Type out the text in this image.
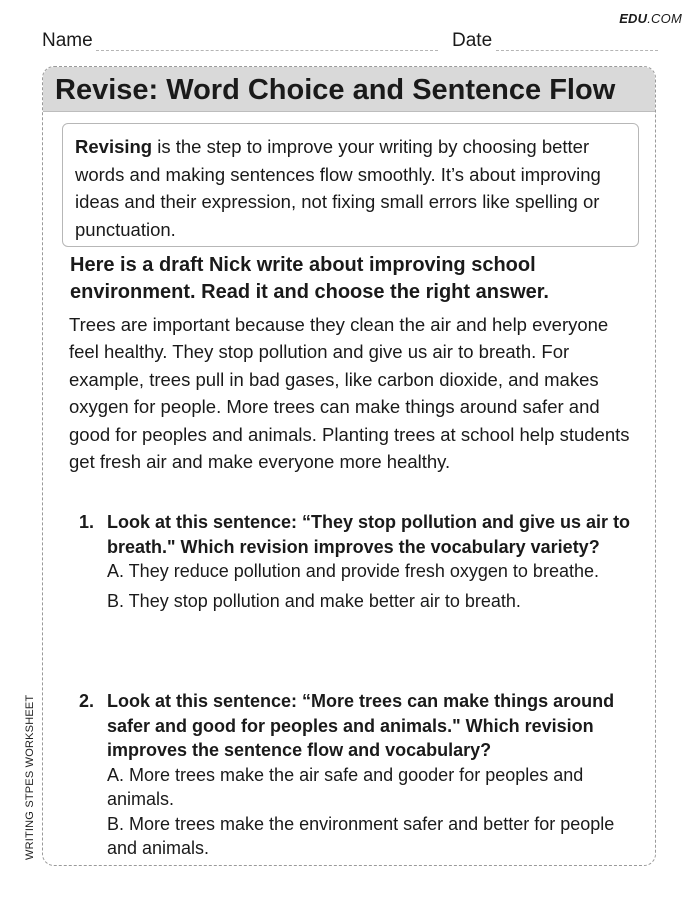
EDU.COM
Name	Date
WRITING STPES WORKSHEET
Revise: Word Choice and Sentence Flow
Revising is the step to improve your writing by choosing better words and making sentences flow smoothly. It’s about improving ideas and their expression, not fixing small errors like spelling or punctuation.
Here is a draft Nick write about improving school environment. Read it and choose the right answer.
Trees are important because they clean the air and help everyone feel healthy. They stop pollution and give us air to breath. For example, trees pull in bad gases, like carbon dioxide, and makes oxygen for people. More trees can make things around safer and good for peoples and animals. Planting trees at school help students get fresh air and make everyone more healthy.
1. Look at this sentence: “They stop pollution and give us air to breath." Which revision improves the vocabulary variety?
A. They reduce pollution and provide fresh oxygen to breathe.
B. They stop pollution and make better air to breath.
2. Look at this sentence: “More trees can make things around safer and good for peoples and animals." Which revision improves the sentence flow and vocabulary?
A. More trees make the air safe and gooder for peoples and animals.
B. More trees make the environment safer and better for people and animals.
